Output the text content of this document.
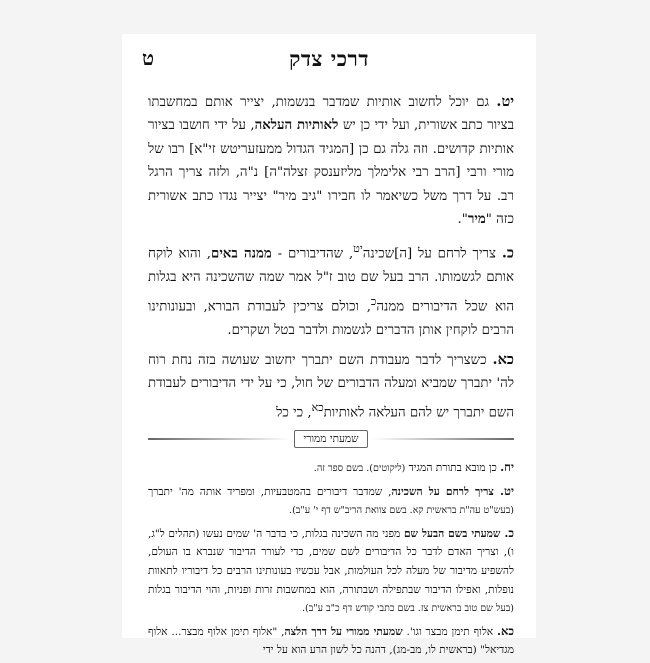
דרכי צדק
ט

יט. גם יוכל לחשוב אותיות שמדבר בנשמות, יצייר אותם במחשבתו בציור כתב אשורית, ועל ידי כן יש לאותיות העלאה, על ידי חושבו בציור אותיות קדושים. וזה גלה גם כן [המגיד הגדול ממעזעריטש זי"א] רבו של מורי ורבי [הרב רבי אלימלך מליזענסק זצלה"ה] נ"ה, ולזה צריך הרגל רב. על דרך משל כשיאמר לו חבירו "גיב מיר" יצייר נגדו כתב אשורית כזה "מיר".

כ. צריך לרחם על [ה]שכינה$^{יט}$, שהדיבורים - ממנה באים, והוא לוקח אותם לגשמותו. הרב בעל שם טוב ז"ל אמר שמה שהשכינה היא בגלות הוא שכל הדיבורים ממנה$^כ$, וכולם צריכין לעבודת הבורא, ובעונותינו הרבים לוקחין אותן הדברים לגשמות ולדבר בטל ושקרים.

כא. כשצריך לדבר מעבודת השם יתברך יחשוב שעושה בזה נחת רוח לה' יתברך שמביא ומעלה הדבורים של חול, כי על ידי הדיבורים לעבודת השם יתברך יש להם העלאה לאותיות$^{כא}$, כי כל

שמעתי ממורי

יח. כן מובא בתורת המגיד (ליקוטים). בשם ספר זה.

יט. צריך לרחם על השכינה, שמדבר דיבורים בהמטבעיות, ומפריד אותה מה' יתברך (בעש"ט עה"ת בראשית קא. בשם צוואת הריב"ש דף י' ע"ב).

כ. שמעתי בשם הבעל שם מפני מה השכינה בגלות, כי בדבר ה' שמים נעשו (תהלים ל"ג, ו), וצריך האדם לדבר כל הדיבורים לשם שמים, כדי לעורר הדיבור שנברא בו העולם, להשפיע מדיבור של מעלה לכל העולמות, אבל עכשיו בעונותינו הרבים כל דיבוריו לתאוות נופלות, ואפילו הדיבור שבתפילה ושבתורה, הוא במחשבות זרות ופניות, והוי הדיבור בגלות (בעל שם טוב בראשית צז. בשם כתבי קודש דף כ"ב ע"ב).

כא. אלוף תימן מבצר וגו'. שמעתי ממורי על דרך הלצה, "אלוף תימן אלוף מבצר... אלוף מגדיאל" (בראשית לו, מב-מג), דהנה כל לשון הרע הוא על ידי
